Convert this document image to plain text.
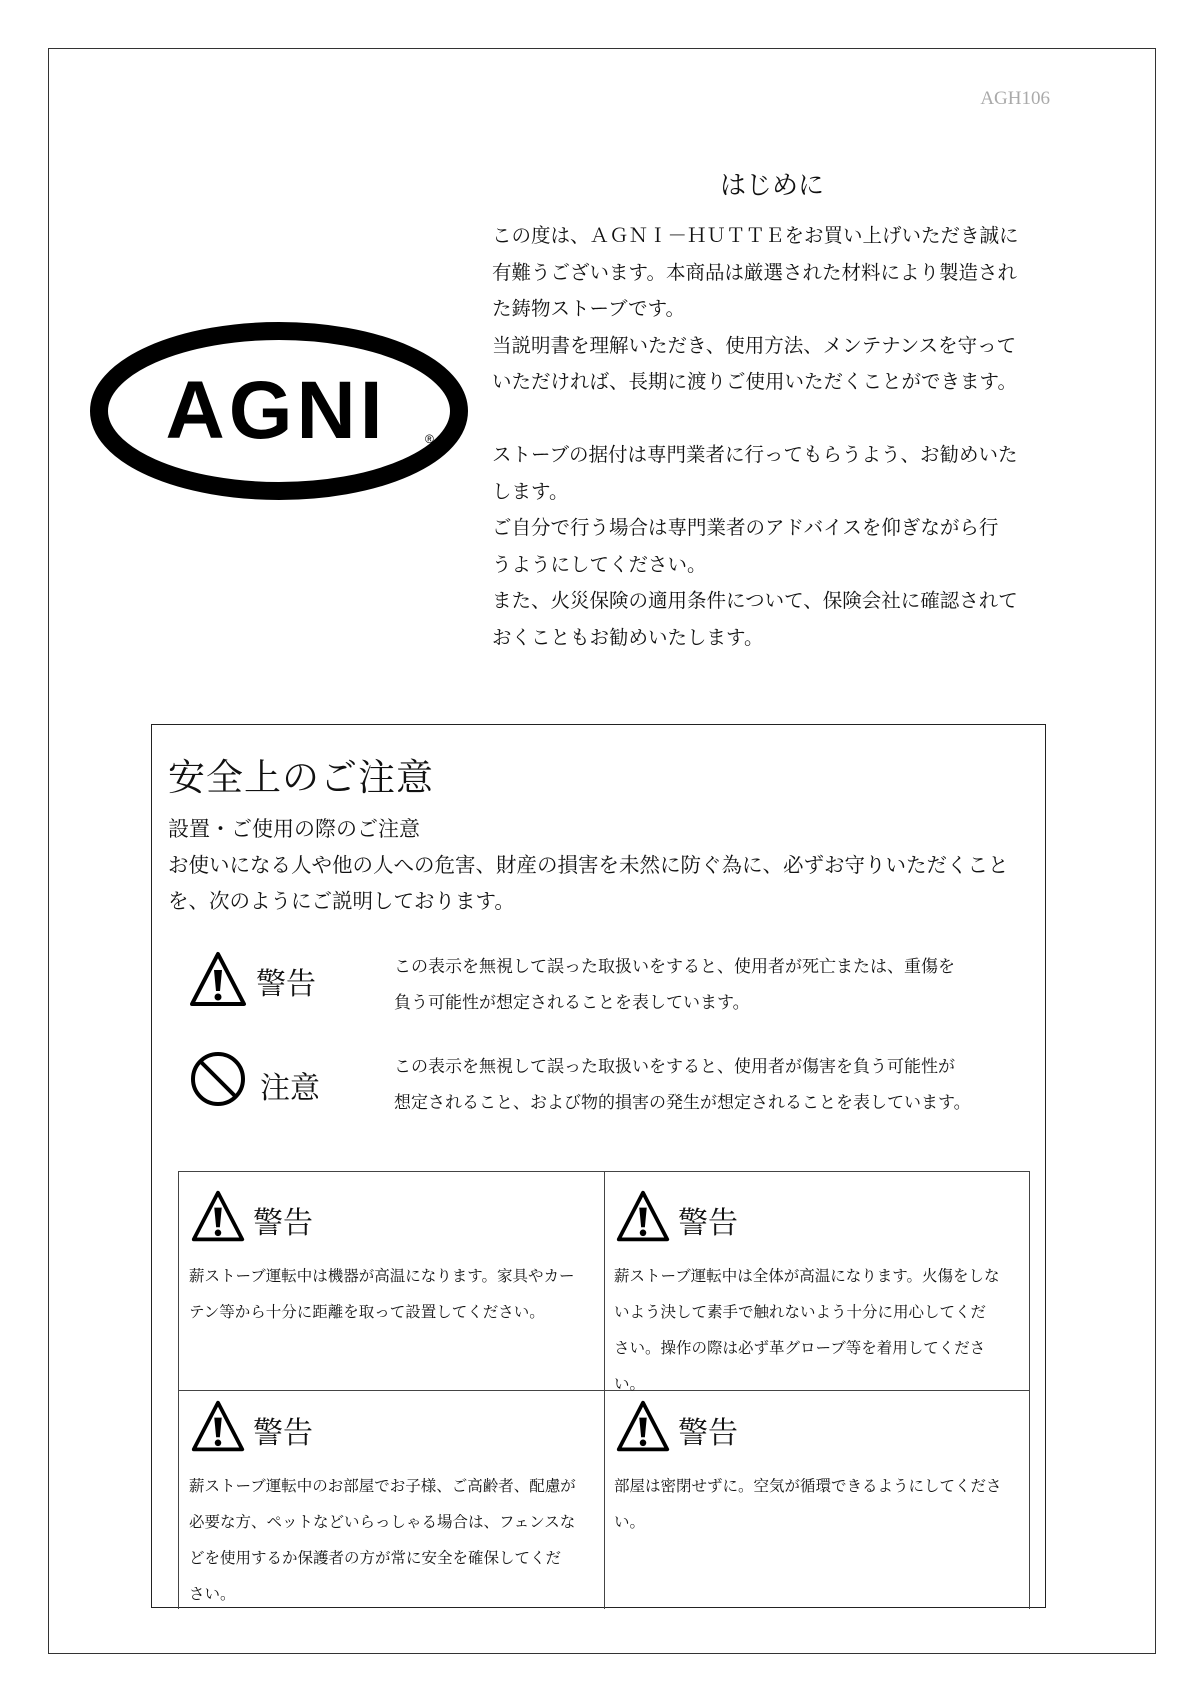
AGH106
AGNI	®
はじめに

この度は、ＡＧＮＩ－ＨＵＴＴＥをお買い上げいただき誠に

有難うございます。本商品は厳選された材料により製造され

た鋳物ストーブです。

当説明書を理解いただき、使用方法、メンテナンスを守って

いただければ、長期に渡りご使用いただくことができます。

ストーブの据付は専門業者に行ってもらうよう、お勧めいた

します。

ご自分で行う場合は専門業者のアドバイスを仰ぎながら行

うようにしてください。

また、火災保険の適用条件について、保険会社に確認されて

おくこともお勧めいたします。

安全上のご注意
設置・ご使用の際のご注意
お使いになる人や他の人への危害、財産の損害を未然に防ぐ為に、必ずお守りいただくこと
を、次のようにご説明しております。
警告	この表示を無視して誤った取扱いをすると、使用者が死亡または、重傷を
負う可能性が想定されることを表しています。
注意
この表示を無視して誤った取扱いをすると、使用者が傷害を負う可能性が
想定されること、および物的損害の発生が想定されることを表しています。
警告
薪ストーブ運転中は機器が高温になります。家具やカー
テン等から十分に距離を取って設置してください。
警告
薪ストーブ運転中は全体が高温になります。火傷をしな
いよう決して素手で触れないよう十分に用心してくだ
さい。操作の際は必ず革グローブ等を着用してくださ
い。
警告
薪ストーブ運転中のお部屋でお子様、ご高齢者、配慮が
必要な方、ペットなどいらっしゃる場合は、フェンスな
どを使用するか保護者の方が常に安全を確保してくだ
さい。
警告
部屋は密閉せずに。空気が循環できるようにしてくださ
い。
